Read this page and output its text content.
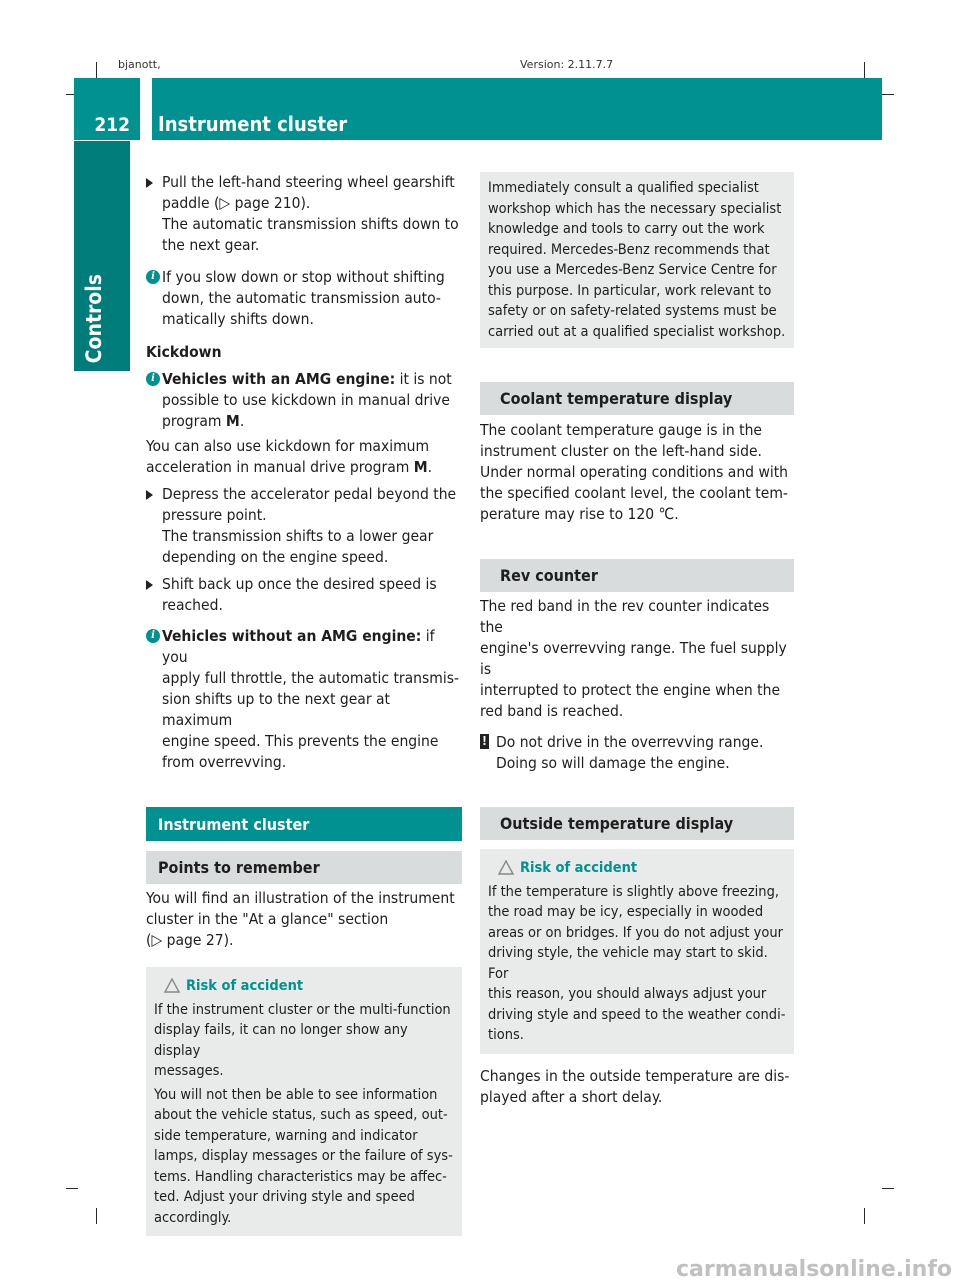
bjanott,	Version: 2.11.7.7
212 Instrument cluster
Controls

Pull the left-hand steering wheel gearshift

paddle (▷ page 210).

The automatic transmission shifts down to

the next gear.

i If you slow down or stop without shifting

down, the automatic transmission auto-

matically shifts down.

Kickdown

i Vehicles with an AMG engine: it is not

possible to use kickdown in manual drive

program M.

You can also use kickdown for maximum

acceleration in manual drive program M.

Depress the accelerator pedal beyond the

pressure point.

The transmission shifts to a lower gear

depending on the engine speed.

Shift back up once the desired speed is

reached.

i Vehicles without an AMG engine: if you

apply full throttle, the automatic transmis-

sion shifts up to the next gear at maximum

engine speed. This prevents the engine

from overrevving.

Instrument cluster
Points to remember

You will find an illustration of the instrument

cluster in the "At a glance" section

(▷ page 27).

Risk of accident

If the instrument cluster or the multi-function

display fails, it can no longer show any display

messages.

You will not then be able to see information

about the vehicle status, such as speed, out-

side temperature, warning and indicator

lamps, display messages or the failure of sys-

tems. Handling characteristics may be affec-

ted. Adjust your driving style and speed

accordingly.

Immediately consult a qualified specialist

workshop which has the necessary specialist

knowledge and tools to carry out the work

required. Mercedes-Benz recommends that

you use a Mercedes-Benz Service Centre for

this purpose. In particular, work relevant to

safety or on safety-related systems must be

carried out at a qualified specialist workshop.

Coolant temperature display

The coolant temperature gauge is in the

instrument cluster on the left-hand side.

Under normal operating conditions and with

the specified coolant level, the coolant tem-

perature may rise to 120 ℃.

Rev counter

The red band in the rev counter indicates the

engine's overrevving range. The fuel supply is

interrupted to protect the engine when the

red band is reached.

! Do not drive in the overrevving range.

Doing so will damage the engine.

Outside temperature display

Risk of accident

If the temperature is slightly above freezing,

the road may be icy, especially in wooded

areas or on bridges. If you do not adjust your

driving style, the vehicle may start to skid. For

this reason, you should always adjust your

driving style and speed to the weather condi-

tions.

Changes in the outside temperature are dis-

played after a short delay.

carmanualsonline.info
